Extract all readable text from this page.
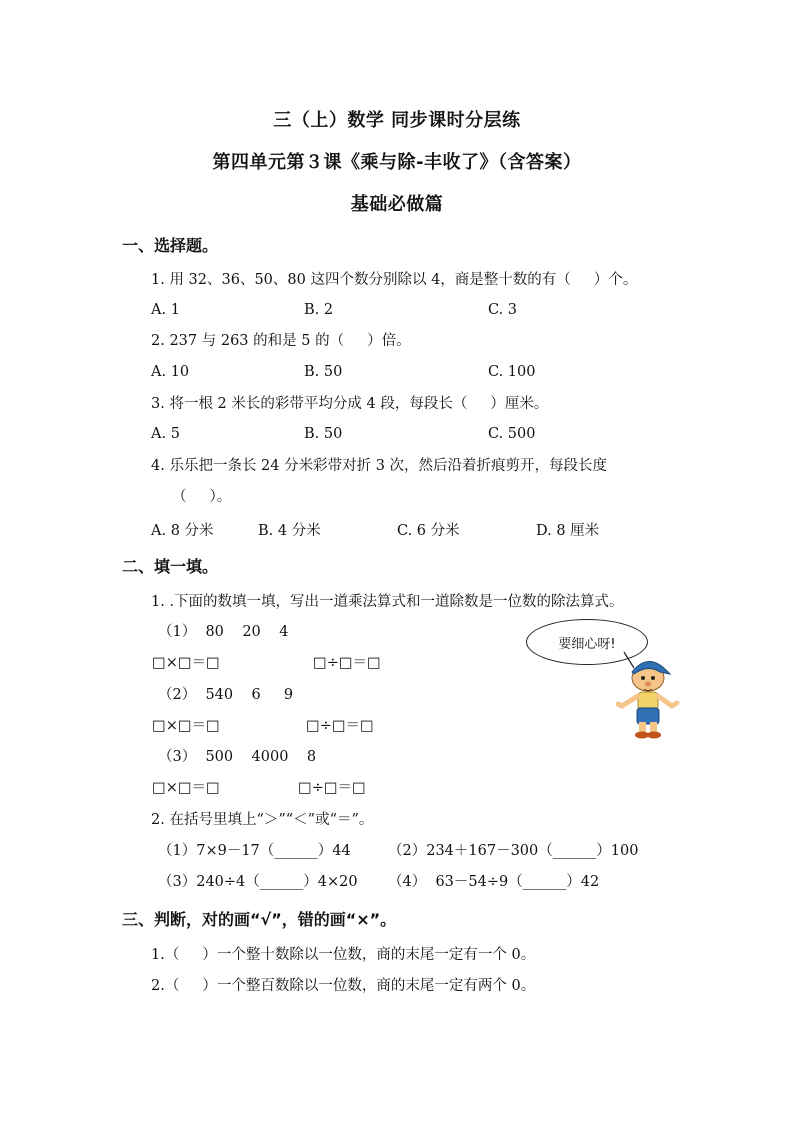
三（上）数学 同步课时分层练
第四单元第３课《乘与除-丰收了》（含答案）
基础必做篇
一、选择题。
1. 用 32、36、50、80 这四个数分别除以 4，商是整十数的有（     ）个。
A. 1	B. 2	C. 3
2. 237 与 263 的和是 5 的（     ）倍。
A. 10	B. 50	C. 100
3. 将一根 2 米长的彩带平均分成 4 段，每段长（     ）厘米。
A. 5	B. 50	C. 500
4. 乐乐把一条长 24 分米彩带对折 3 次，然后沿着折痕剪开，每段长度
（     ）。
A. 8 分米	B. 4 分米	C. 6 分米	D. 8 厘米
二、填一填。
1. .下面的数填一填，写出一道乘法算式和一道除数是一位数的除法算式。
（1）  80    20    4
□×□＝□	□÷□＝□
（2）  540    6     9
□×□＝□	□÷□＝□
（3）  500    4000    8
□×□＝□	□÷□＝□
要细心呀!
2. 在括号里填上“＞”“＜”或“＝”。
（1）7×9－17（______）44	（2）234＋167－300（______）100
（3）240÷4（______）4×20 （4）  63－54÷9（______）42
三、判断，对的画“√”，错的画“×”。
1.（     ）一个整十数除以一位数，商的末尾一定有一个 0。
2.（     ）一个整百数除以一位数，商的末尾一定有两个 0。
